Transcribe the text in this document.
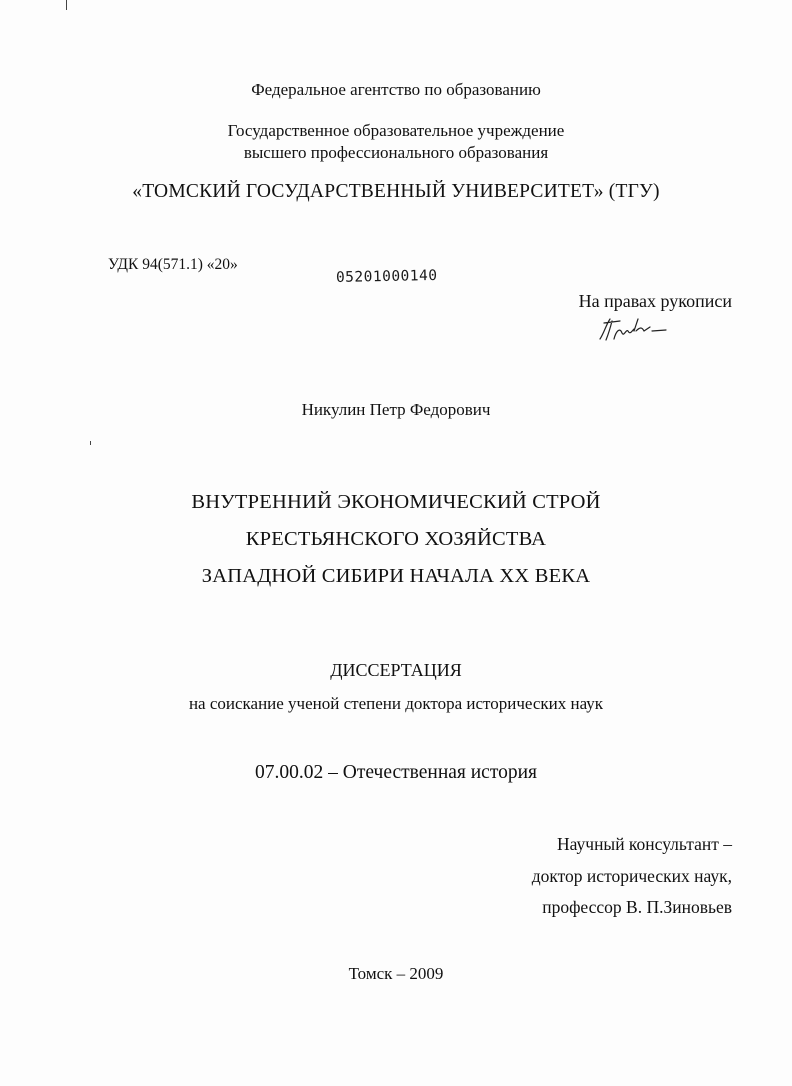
Федеральное агентство по образованию
Государственное образовательное учреждение
высшего профессионального образования
«ТОМСКИЙ ГОСУДАРСТВЕННЫЙ УНИВЕРСИТЕТ» (ТГУ)
УДК 94(571.1) «20»
05201000140
На правах рукописи
Никулин Петр Федорович
ВНУТРЕННИЙ ЭКОНОМИЧЕСКИЙ СТРОЙ
КРЕСТЬЯНСКОГО ХОЗЯЙСТВА
ЗАПАДНОЙ СИБИРИ НАЧАЛА XX ВЕКА
ДИССЕРТАЦИЯ
на соискание ученой степени доктора исторических наук
07.00.02 – Отечественная история
Научный консультант –
доктор исторических наук,
профессор В. П.Зиновьев
Томск – 2009
